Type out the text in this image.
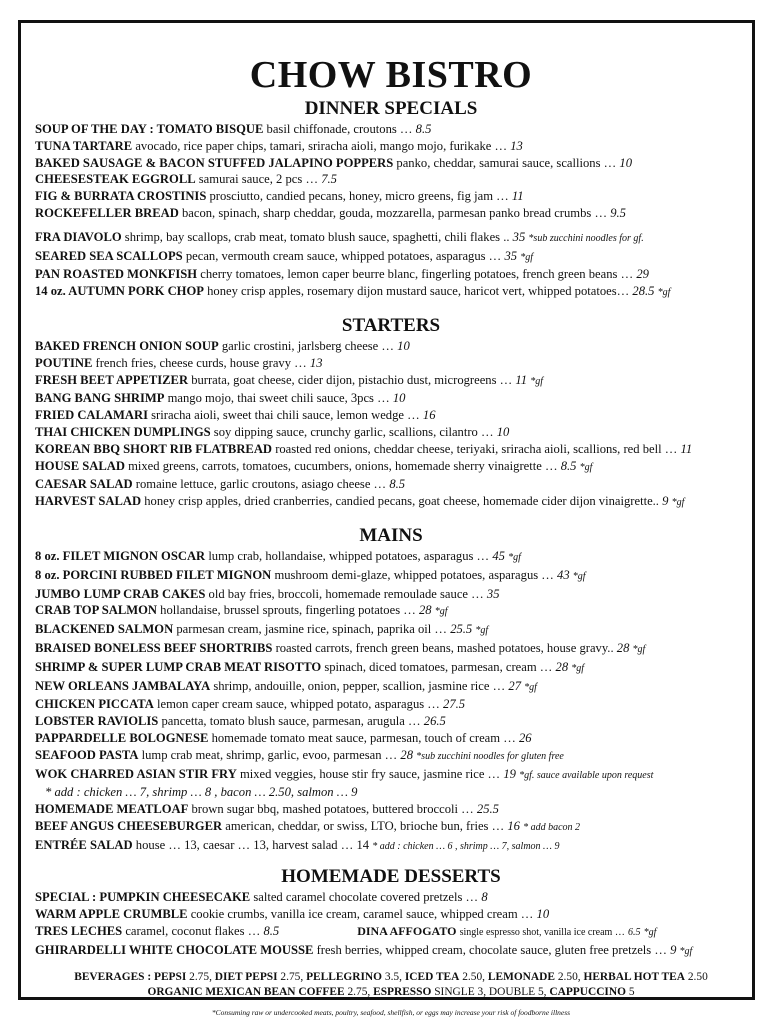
CHOW BISTRO
DINNER SPECIALS
SOUP OF THE DAY : TOMATO BISQUE basil chiffonade, croutons … 8.5
TUNA TARTARE avocado, rice paper chips, tamari, sriracha aioli, mango mojo, furikake … 13
BAKED SAUSAGE & BACON STUFFED JALAPINO POPPERS panko, cheddar, samurai sauce, scallions … 10
CHEESESTEAK EGGROLL samurai sauce, 2 pcs … 7.5
FIG & BURRATA CROSTINIS prosciutto, candied pecans, honey, micro greens, fig jam … 11
ROCKEFELLER BREAD bacon, spinach, sharp cheddar, gouda, mozzarella, parmesan panko bread crumbs … 9.5
FRA DIAVOLO shrimp, bay scallops, crab meat, tomato blush sauce, spaghetti, chili flakes .. 35 *sub zucchini noodles for gf.
SEARED SEA SCALLOPS pecan, vermouth cream sauce, whipped potatoes, asparagus … 35 *gf
PAN ROASTED MONKFISH cherry tomatoes, lemon caper beurre blanc, fingerling potatoes, french green beans … 29
14 oz. AUTUMN PORK CHOP honey crisp apples, rosemary dijon mustard sauce, haricot vert, whipped potatoes… 28.5 *gf
STARTERS
BAKED FRENCH ONION SOUP garlic crostini, jarlsberg cheese … 10
POUTINE french fries, cheese curds, house gravy … 13
FRESH BEET APPETIZER burrata, goat cheese, cider dijon, pistachio dust, microgreens … 11 *gf
BANG BANG SHRIMP mango mojo, thai sweet chili sauce, 3pcs … 10
FRIED CALAMARI sriracha aioli, sweet thai chili sauce, lemon wedge … 16
THAI CHICKEN DUMPLINGS soy dipping sauce, crunchy garlic, scallions, cilantro … 10
KOREAN BBQ SHORT RIB FLATBREAD roasted red onions, cheddar cheese, teriyaki, sriracha aioli, scallions, red bell … 11
HOUSE SALAD mixed greens, carrots, tomatoes, cucumbers, onions, homemade sherry vinaigrette … 8.5 *gf
CAESAR SALAD romaine lettuce, garlic croutons, asiago cheese … 8.5
HARVEST SALAD honey crisp apples, dried cranberries, candied pecans, goat cheese, homemade cider dijon vinaigrette.. 9 *gf
MAINS
8 oz. FILET MIGNON OSCAR lump crab, hollandaise, whipped potatoes, asparagus … 45 *gf
8 oz. PORCINI RUBBED FILET MIGNON mushroom demi-glaze, whipped potatoes, asparagus … 43 *gf
JUMBO LUMP CRAB CAKES old bay fries, broccoli, homemade remoulade sauce … 35
CRAB TOP SALMON hollandaise, brussel sprouts, fingerling potatoes … 28 *gf
BLACKENED SALMON parmesan cream, jasmine rice, spinach, paprika oil … 25.5 *gf
BRAISED BONELESS BEEF SHORTRIBS roasted carrots, french green beans, mashed potatoes, house gravy.. 28 *gf
SHRIMP & SUPER LUMP CRAB MEAT RISOTTO spinach, diced tomatoes, parmesan, cream … 28 *gf
NEW ORLEANS JAMBALAYA shrimp, andouille, onion, pepper, scallion, jasmine rice … 27 *gf
CHICKEN PICCATA lemon caper cream sauce, whipped potato, asparagus … 27.5
LOBSTER RAVIOLIS pancetta, tomato blush sauce, parmesan, arugula … 26.5
PAPPARDELLE BOLOGNESE homemade tomato meat sauce, parmesan, touch of cream … 26
SEAFOOD PASTA lump crab meat, shrimp, garlic, evoo, parmesan … 28 *sub zucchini noodles for gluten free
WOK CHARRED ASIAN STIR FRY mixed veggies, house stir fry sauce, jasmine rice … 19 *gf. sauce available upon request
* add : chicken … 7, shrimp … 8 , bacon … 2.50, salmon … 9
HOMEMADE MEATLOAF brown sugar bbq, mashed potatoes, buttered broccoli … 25.5
BEEF ANGUS CHEESEBURGER american, cheddar, or swiss, LTO, brioche bun, fries … 16 * add bacon 2
ENTRÉE SALAD house … 13, caesar … 13, harvest salad … 14 * add : chicken … 6 , shrimp … 7, salmon … 9
HOMEMADE DESSERTS
SPECIAL : PUMPKIN CHEESECAKE salted caramel chocolate covered pretzels … 8
WARM APPLE CRUMBLE cookie crumbs, vanilla ice cream, caramel sauce, whipped cream … 10
TRES LECHES caramel, coconut flakes … 8.5	DINA AFFOGATO single espresso shot, vanilla ice cream … 6.5 *gf
GHIRARDELLI WHITE CHOCOLATE MOUSSE fresh berries, whipped cream, chocolate sauce, gluten free pretzels … 9 *gf
BEVERAGES : PEPSI 2.75, DIET PEPSI 2.75, PELLEGRINO 3.5, ICED TEA 2.50, LEMONADE 2.50, HERBAL HOT TEA 2.50
ORGANIC MEXICAN BEAN COFFEE 2.75, ESPRESSO SINGLE 3, DOUBLE 5, CAPPUCCINO 5
*Consuming raw or undercooked meats, poultry, seafood, shellfish, or eggs may increase your risk of foodborne illness
